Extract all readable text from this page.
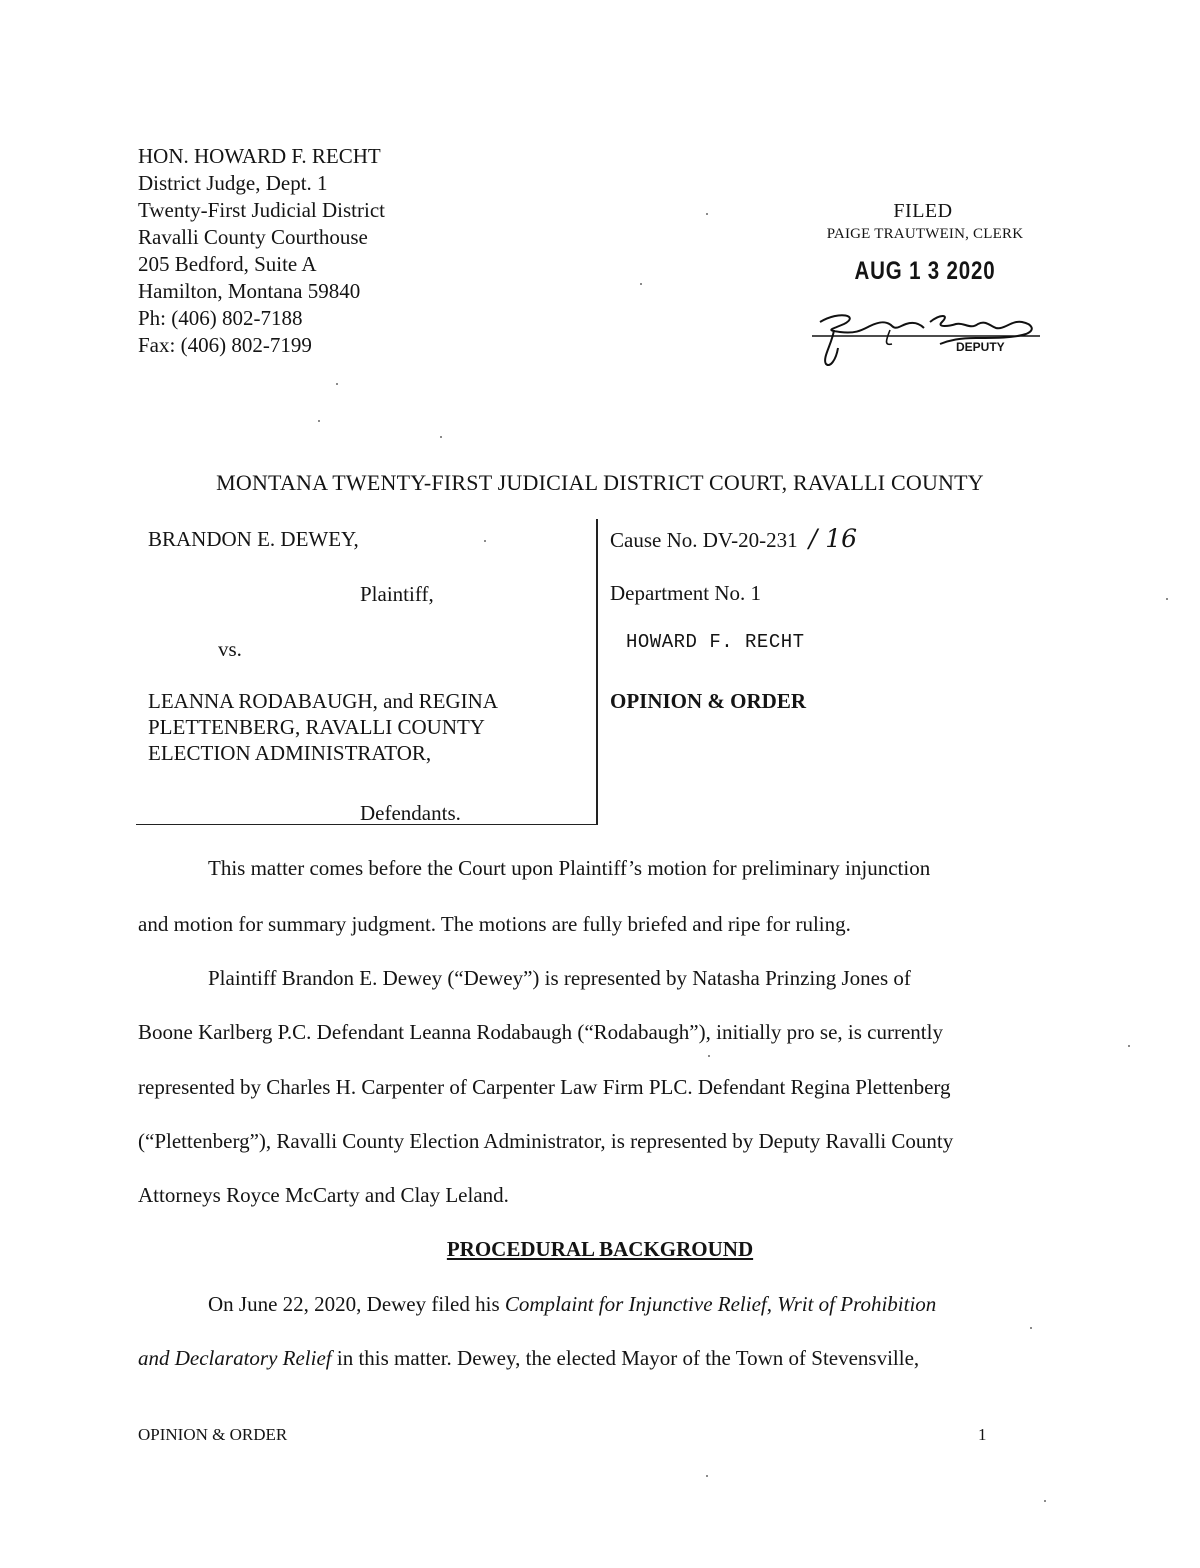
HON. HOWARD F. RECHT
District Judge, Dept. 1
Twenty-First Judicial District
Ravalli County Courthouse
205 Bedford, Suite A
Hamilton, Montana 59840
Ph: (406) 802-7188
Fax: (406) 802-7199
FILED
PAIGE TRAUTWEIN, CLERK
AUG 1 3 2020
DEPUTY
MONTANA TWENTY-FIRST JUDICIAL DISTRICT COURT, RAVALLI COUNTY
BRANDON E. DEWEY,
Plaintiff,
vs.
LEANNA RODABAUGH, and REGINA
PLETTENBERG, RAVALLI COUNTY
ELECTION ADMINISTRATOR,
Defendants.
Cause No. DV-20-231 / 16
Department No. 1
HOWARD F. RECHT
OPINION & ORDER
This matter comes before the Court upon Plaintiff’s motion for preliminary injunction
and motion for summary judgment. The motions are fully briefed and ripe for ruling.
Plaintiff Brandon E. Dewey (“Dewey”) is represented by Natasha Prinzing Jones of
Boone Karlberg P.C. Defendant Leanna Rodabaugh (“Rodabaugh”), initially pro se, is currently
represented by Charles H. Carpenter of Carpenter Law Firm PLC. Defendant Regina Plettenberg
(“Plettenberg”), Ravalli County Election Administrator, is represented by Deputy Ravalli County
Attorneys Royce McCarty and Clay Leland.
PROCEDURAL BACKGROUND
On June 22, 2020, Dewey filed his Complaint for Injunctive Relief, Writ of Prohibition
and Declaratory Relief in this matter. Dewey, the elected Mayor of the Town of Stevensville,
OPINION & ORDER	1
